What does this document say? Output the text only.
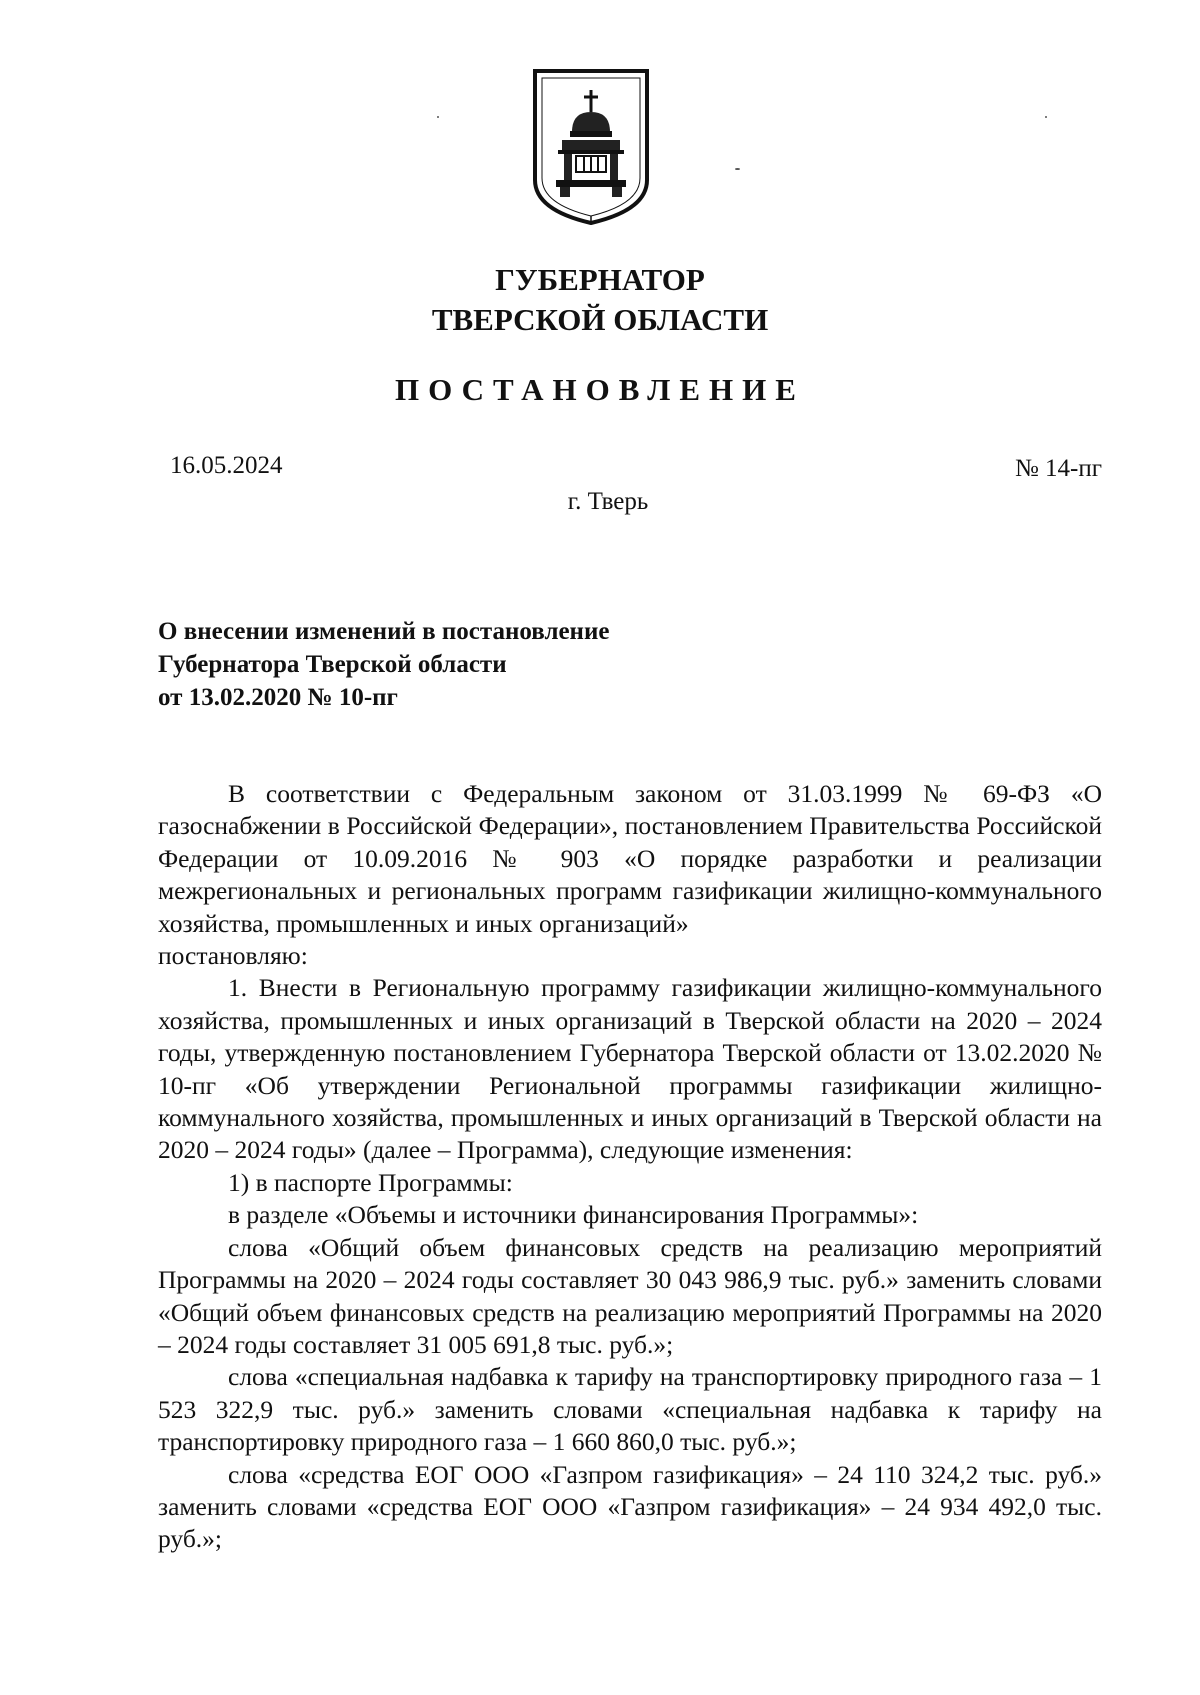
ГУБЕРНАТОР
ТВЕРСКОЙ ОБЛАСТИ
ПОСТАНОВЛЕНИЕ
16.05.2024	№ 14-пг
г. Тверь
О внесении изменений в постановление
Губернатора Тверской области
от 13.02.2020 № 10-пг

В соответствии с Федеральным законом от 31.03.1999 № 69-ФЗ «О газоснабжении в Российской Федерации», постановлением Правительства Российской Федерации от 10.09.2016 № 903 «О порядке разработки и реализации межрегиональных и региональных программ газификации жилищно-коммунального хозяйства, промышленных и иных организаций»

постановляю:

1. Внести в Региональную программу газификации жилищно-коммунального хозяйства, промышленных и иных организаций в Тверской области на 2020 – 2024 годы, утвержденную постановлением Губернатора Тверской области от 13.02.2020 № 10-пг «Об утверждении Региональной программы газификации жилищно-коммунального хозяйства, промышленных и иных организаций в Тверской области на 2020 – 2024 годы» (далее – Программа), следующие изменения:

1) в паспорте Программы:

в разделе «Объемы и источники финансирования Программы»:

слова «Общий объем финансовых средств на реализацию мероприятий Программы на 2020 – 2024 годы составляет 30 043 986,9 тыс. руб.» заменить словами «Общий объем финансовых средств на реализацию мероприятий Программы на 2020 – 2024 годы составляет 31 005 691,8 тыс. руб.»;

слова «специальная надбавка к тарифу на транспортировку природного газа – 1 523 322,9 тыс. руб.» заменить словами «специальная надбавка к тарифу на транспортировку природного газа – 1 660 860,0 тыс. руб.»;

слова «средства ЕОГ ООО «Газпром газификация» – 24 110 324,2 тыс. руб.» заменить словами «средства ЕОГ ООО «Газпром газификация» – 24 934 492,0 тыс. руб.»;
